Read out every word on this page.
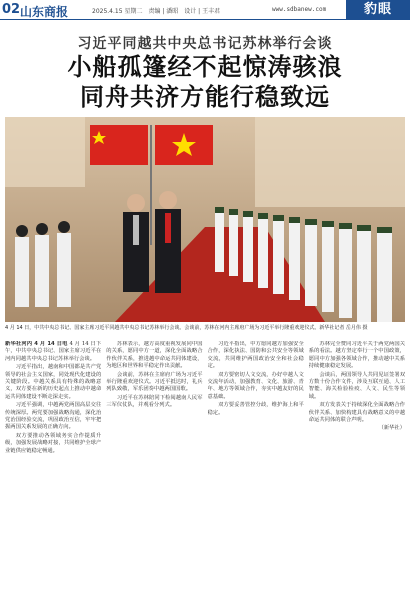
02 山东商报	2025.4.15 星期二　责编 | 潘昭　设计 | 王丰君	www.sdbanew.com	豹眼
习近平同越共中央总书记苏林举行会谈
小船孤篷经不起惊涛骇浪
同舟共济方能行稳致远
4 月 14 日，中共中央总书记、国家主席习近平同越共中央总书记苏林举行会谈。会谈前，苏林在河内主席府广场为习近平举行隆重欢迎仪式。新华社记者 岳月伟 摄

新华社河内 4 月 14 日电 4 月 14 日下午，中共中央总书记、国家主席习近平在河内同越共中央总书记苏林举行会谈。

习近平指出，越南和中国都是共产党领导的社会主义国家，同处现代化建设的关键阶段。中越关系具有特殊的战略意义，双方要在新的历史起点上推动中越命运共同体建设不断走深走实。

习近平强调，中越两党两国高层交往传统深厚。两党要加强战略沟通，深化治党治国经验交流，巩固政治互信，牢牢把握两国关系发展的正确方向。

双方要推动各领域务实合作提质升级，加强发展战略对接，共同维护全球产业链供应链稳定畅通。

苏林表示，越方高度重视发展同中国的关系，愿同中方一道，深化全面战略合作伙伴关系，推进越中命运共同体建设，为地区和世界和平稳定作出贡献。

会谈前，苏林在主席府广场为习近平举行隆重欢迎仪式。习近平抵达时，礼兵列队致敬，军乐团奏中越两国国歌。

习近平在苏林陪同下检阅越南人民军三军仪仗队，并观看分列式。

习近平指出，中方愿同越方加强安全合作，深化执法、国防和公共安全等领域交流，共同维护两国政治安全和社会稳定。

双方要密切人文交流，办好中越人文交流年活动，加强教育、文化、旅游、青年、地方等领域合作，夯实中越友好的民意基础。

双方要妥善管控分歧，维护海上和平稳定。

苏林完全赞同习近平关于两党两国关系的看法。越方坚定奉行一个中国政策，愿同中方加强各领域合作，推动越中关系持续健康稳定发展。

会谈后，两国领导人共同见证签署双方数十份合作文件，涉及互联互通、人工智能、海关检验检疫、人文、民生等领域。

双方发表关于持续深化全面战略合作伙伴关系、加快构建具有战略意义的中越命运共同体的联合声明。

（新华社）
